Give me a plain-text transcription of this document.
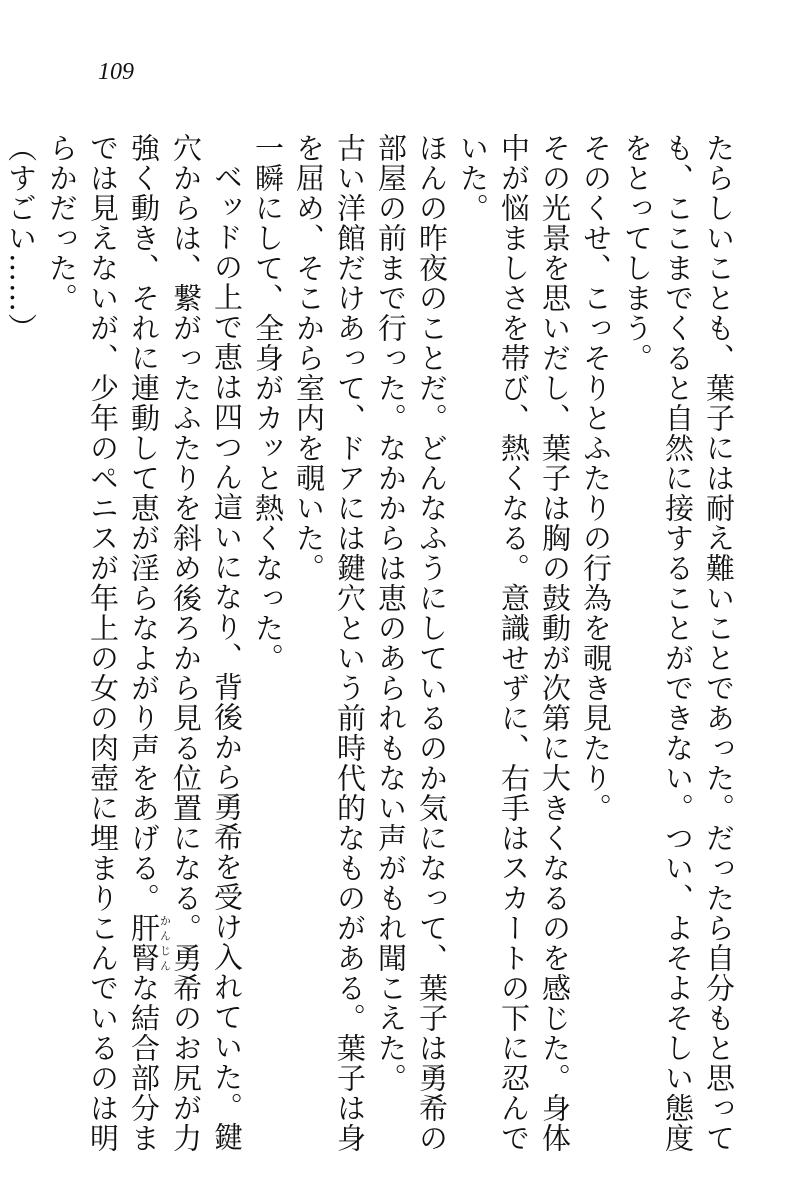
109

たらしいことも、葉子には耐え難いことであった。だったら自分もと思っても、ここまでくると自然に接することができない。つい、よそよそしい態度をとってしまう。

そのくせ、こっそりとふたりの行為を覗き見たり。

その光景を思いだし、葉子は胸の鼓動が次第に大きくなるのを感じた。身体中が悩ましさを帯び、熱くなる。意識せずに、右手はスカートの下に忍んでいた。

ほんの昨夜のことだ。どんなふうにしているのか気になって、葉子は勇希の部屋の前まで行った。なかからは恵のあられもない声がもれ聞こえた。

古い洋館だけあって、ドアには鍵穴という前時代的なものがある。葉子は身を屈め、そこから室内を覗いた。

一瞬にして、全身がカッと熱くなった。

ベッドの上で恵は四つん這いになり、背後から勇希を受け入れていた。鍵穴からは、繋がったふたりを斜め後ろから見る位置になる。勇希のお尻が力強く動き、それに連動して恵が淫らなよがり声をあげる。肝腎かんじんな結合部分までは見えないが、少年のペニスが年上の女の肉壺に埋まりこんでいるのは明らかだった。

（すごい……）
